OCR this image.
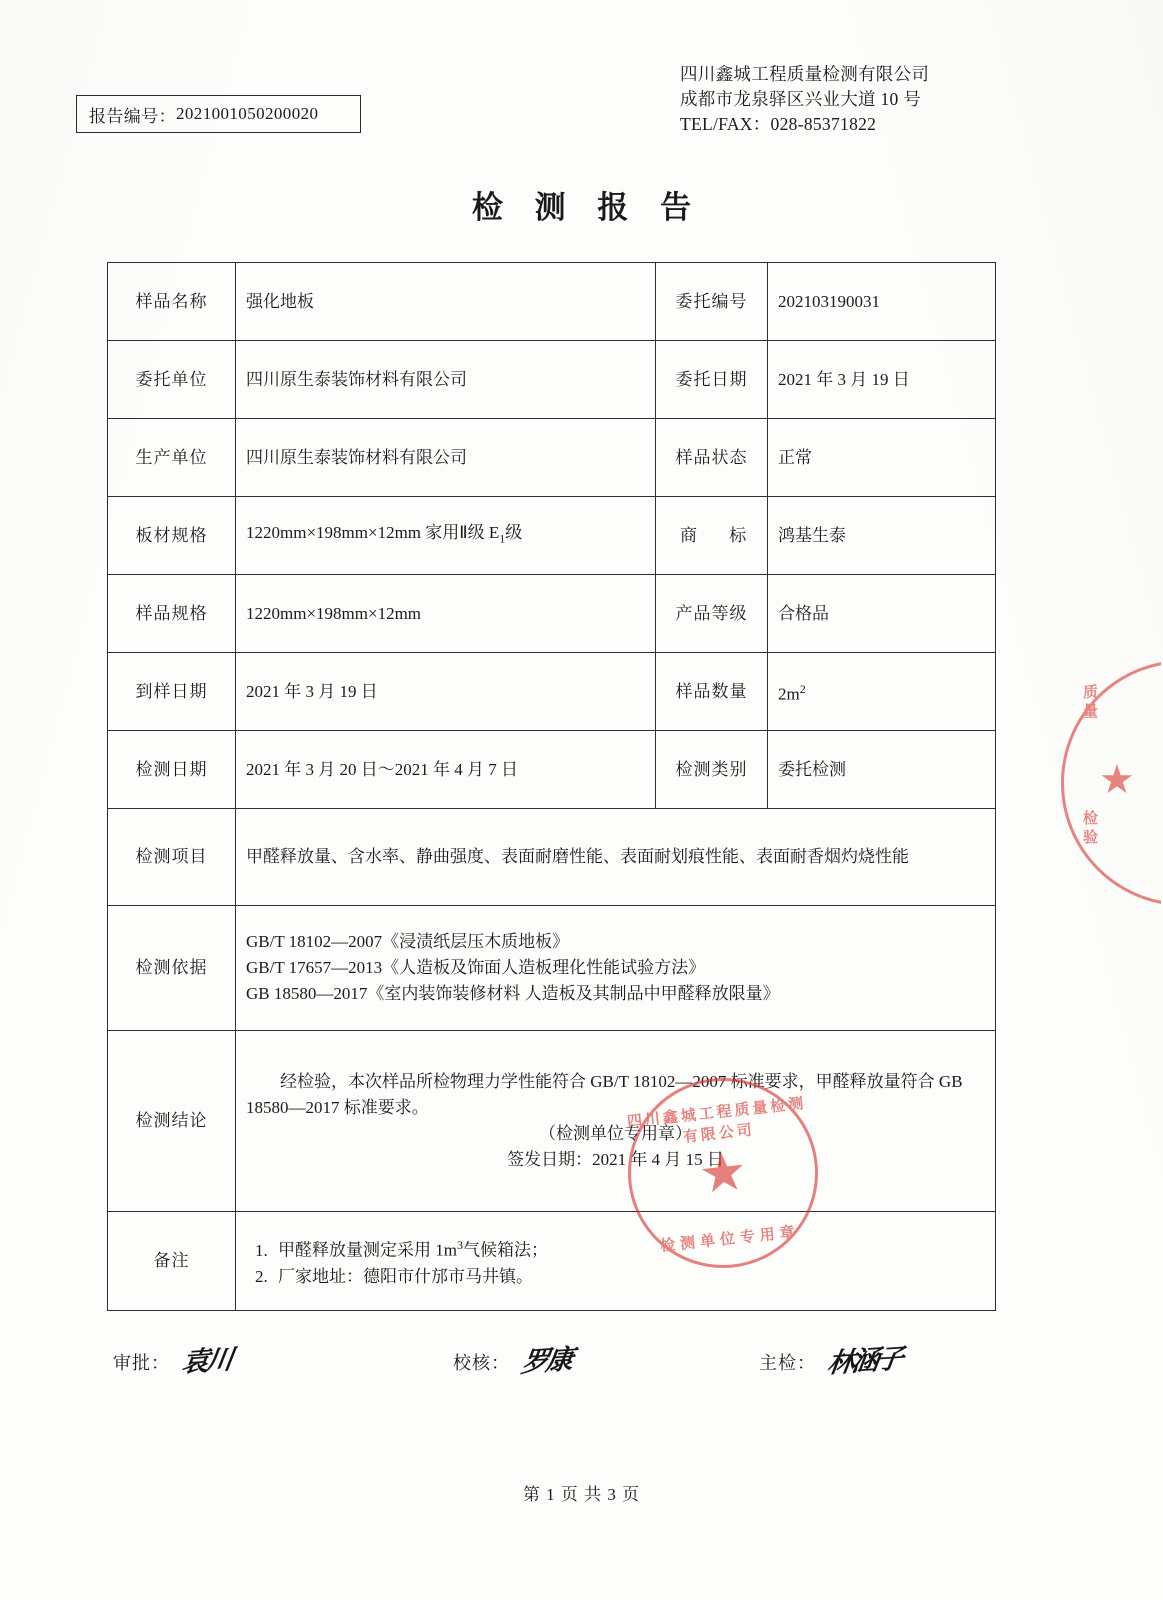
报告编号： 2021001050200020
四川鑫城工程质量检测有限公司
成都市龙泉驿区兴业大道 10 号
TEL/FAX：028-85371822
检 测 报 告
样品名称	强化地板	委托编号	202103190031
委托单位	四川原生泰装饰材料有限公司	委托日期	2021 年 3 月 19 日
生产单位	四川原生泰装饰材料有限公司	样品状态	正常
板材规格	1220mm×198mm×12mm 家用Ⅱ级 $E_1$级	商 标	鸿基生泰
样品规格	1220mm×198mm×12mm	产品等级	合格品
到样日期	2021 年 3 月 19 日	样品数量	$2m^2$
检测日期	2021 年 3 月 20 日～2021 年 4 月 7 日	检测类别	委托检测
检测项目	甲醛释放量、含水率、静曲强度、表面耐磨性能、表面耐划痕性能、表面耐香烟灼烧性能		
检测依据	GB/T 18102—2007《浸渍纸层压木质地板》
GB/T 17657—2013《人造板及饰面人造板理化性能试验方法》
GB 18580—2017《室内装饰装修材料 人造板及其制品中甲醛释放限量》		

检测结论	经检验，本次样品所检物理力学性能符合 GB/T 18102—2007 标准要求，甲醛释放量符合 GB 18580—2017 标准要求。

（检测单位专用章）

签发日期：2021 年 4 月 15 日		

备注	
1. 甲醛释放量测定采用 $1m^3$气候箱法；
2. 厂家地址：德阳市什邡市马井镇。
审批： 袁川	校核： 罗康	主检： 林涵子
第 1 页 共 3 页
四川鑫城工程质量检测有限公司
★
检测单位专用章
★
质量
检验
